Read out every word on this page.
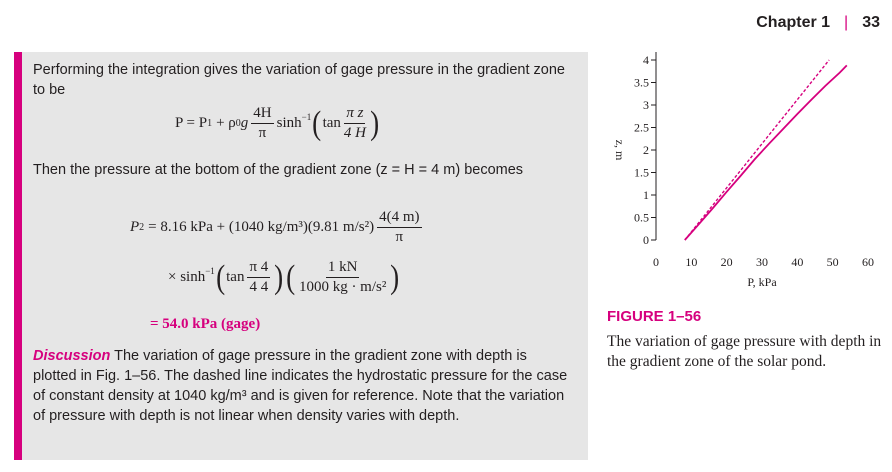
Chapter 1 | 33
Performing the integration gives the variation of gage pressure in the gradient zone to be
P = P 1 + ρ 0 g $\frac{4H}{\pi} \sinh^{-1}$ ( $\tan \frac{\text{π z}}{4 H}$ )
Then the pressure at the bottom of the gradient zone (z = H = 4 m) becomes
P 2 = 8.16 kPa + (1040 kg/m³)(9.81 $m/s^2) \frac{4(4 m)}{\pi}$
× $\sinh^{-1}$ ( $\tan \frac{\pi 4}{4 4}$ ) ( $\frac{1 kN}{\text{1000 kg · m/s²}}$ )
= 54.0 kPa (gage)
Discussion The variation of gage pressure in the gradient zone with depth is plotted in Fig. 1–56. The dashed line indicates the hydrostatic pressure for the case of constant density at 1040 kg/m³ and is given for reference. Note that the variation of pressure with depth is not linear when density varies with depth.
0
0.5
1
1.5
2
2.5
3
3.5
4
0 10 20 30 40 50 60
P, kPa
z, m
FIGURE 1–56
The variation of gage pressure with depth in the gradient zone of the solar pond.
